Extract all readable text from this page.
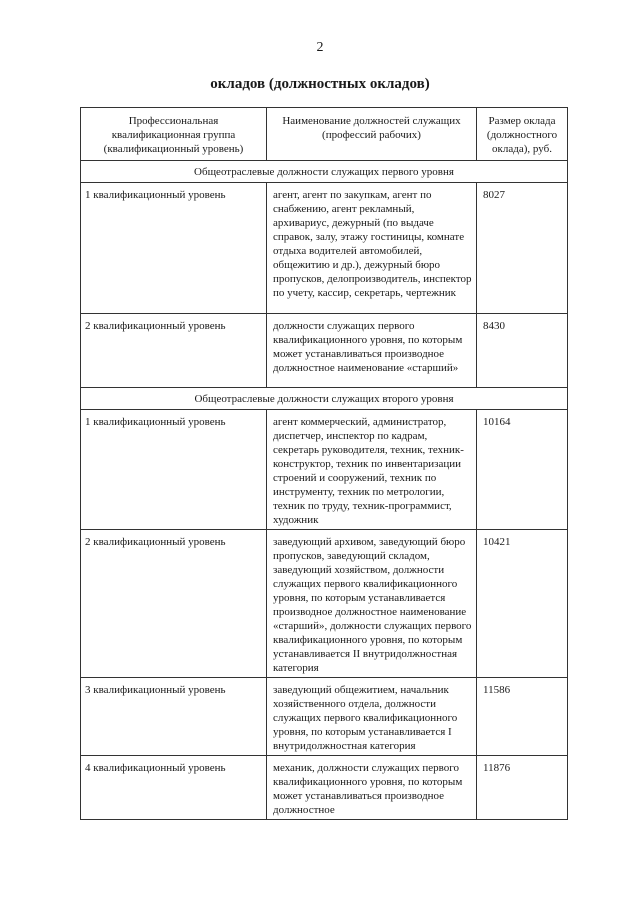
2
окладов (должностных окладов)
Профессиональная квалификационная группа (квалификационный уровень)	Наименование должностей служащих (профессий рабочих)	Размер оклада (должностного оклада), руб.

Общеотраслевые должности служащих первого уровня		
1 квалификационный уровень	агент, агент по закупкам, агент по снабжению, агент рекламный, архивариус, дежурный (по выдаче справок, залу, этажу гостиницы, комнате отдыха водителей автомобилей, общежитию и др.), дежурный бюро пропусков, делопроизводитель, инспектор по учету, кассир, секретарь, чертежник	8027
2 квалификационный уровень	должности служащих первого квалификационного уровня, по которым может устанавливаться производное должностное наименование «старший»	8430
Общеотраслевые должности служащих второго уровня		
1 квалификационный уровень	агент коммерческий, администратор, диспетчер, инспектор по кадрам, секретарь руководителя, техник, техник-конструктор, техник по инвентаризации строений и сооружений, техник по инструменту, техник по метрологии, техник по труду, техник-программист, художник	10164
2 квалификационный уровень	заведующий архивом, заведующий бюро пропусков, заведующий складом, заведующий хозяйством, должности служащих первого квалификационного уровня, по которым устанавливается производное должностное наименование «старший», должности служащих первого квалификационного уровня, по которым устанавливается II внутридолжностная категория	10421
3 квалификационный уровень	заведующий общежитием, начальник хозяйственного отдела, должности служащих первого квалификационного уровня, по которым устанавливается I внутридолжностная категория	11586
4 квалификационный уровень	механик, должности служащих первого квалификационного уровня, по которым может устанавливаться производное должностное	11876
